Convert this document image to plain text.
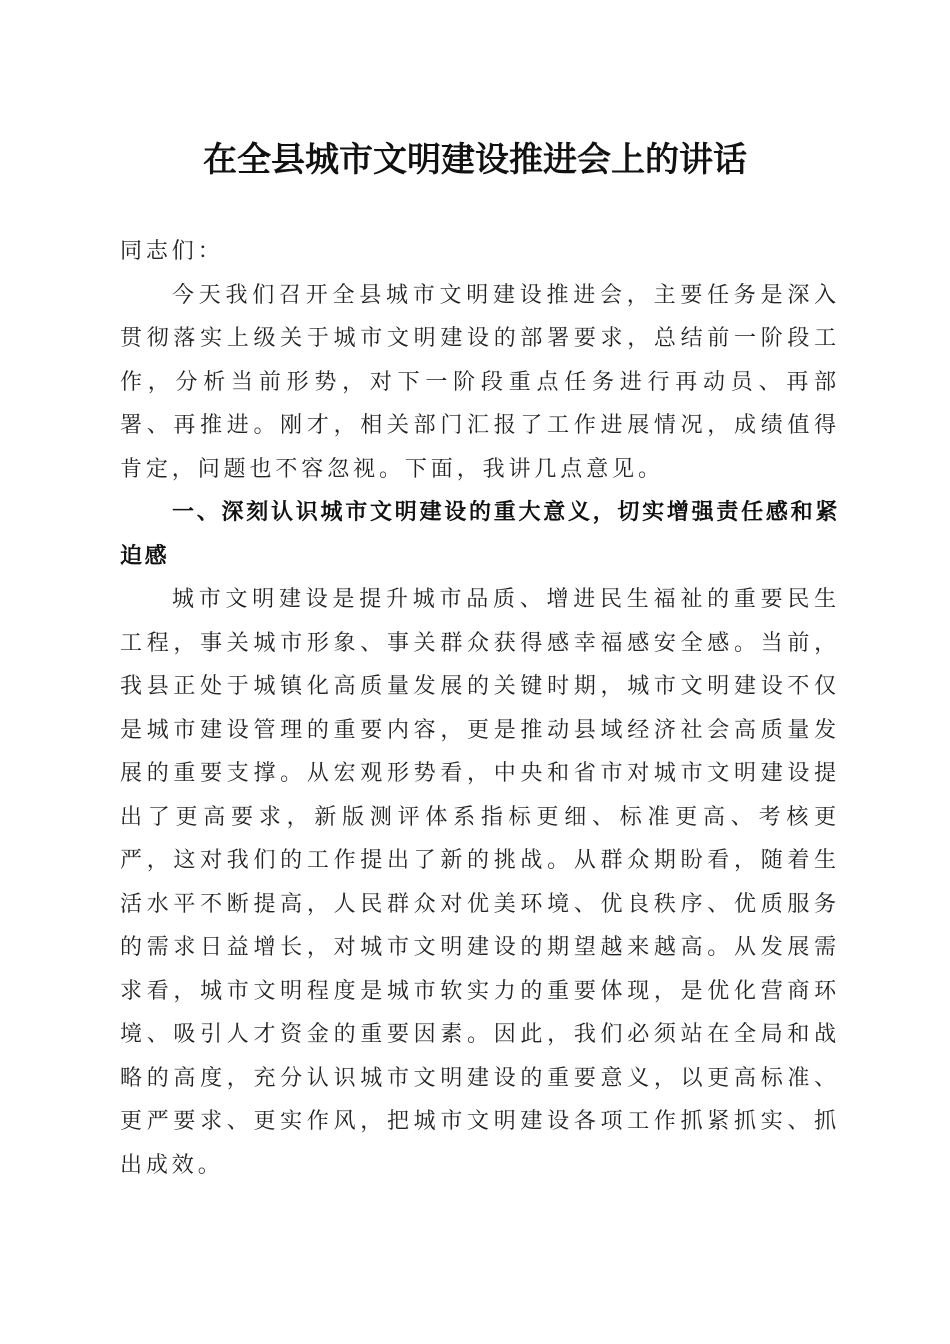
在全县城市文明建设推进会上的讲话

同志们：

今天我们召开全县城市文明建设推进会，主要任务是深入贯彻落实上级关于城市文明建设的部署要求，总结前一阶段工作，分析当前形势，对下一阶段重点任务进行再动员、再部署、再推进。刚才，相关部门汇报了工作进展情况，成绩值得肯定，问题也不容忽视。下面，我讲几点意见。

一、深刻认识城市文明建设的重大意义，切实增强责任感和紧迫感

城市文明建设是提升城市品质、增进民生福祉的重要民生工程，事关城市形象、事关群众获得感幸福感安全感。当前，我县正处于城镇化高质量发展的关键时期，城市文明建设不仅是城市建设管理的重要内容，更是推动县域经济社会高质量发展的重要支撑。从宏观形势看，中央和省市对城市文明建设提出了更高要求，新版测评体系指标更细、标准更高、考核更严，这对我们的工作提出了新的挑战。从群众期盼看，随着生活水平不断提高，人民群众对优美环境、优良秩序、优质服务的需求日益增长，对城市文明建设的期望越来越高。从发展需求看，城市文明程度是城市软实力的重要体现，是优化营商环境、吸引人才资金的重要因素。因此，我们必须站在全局和战略的高度，充分认识城市文明建设的重要意义，以更高标准、更严要求、更实作风，把城市文明建设各项工作抓紧抓实、抓出成效。
